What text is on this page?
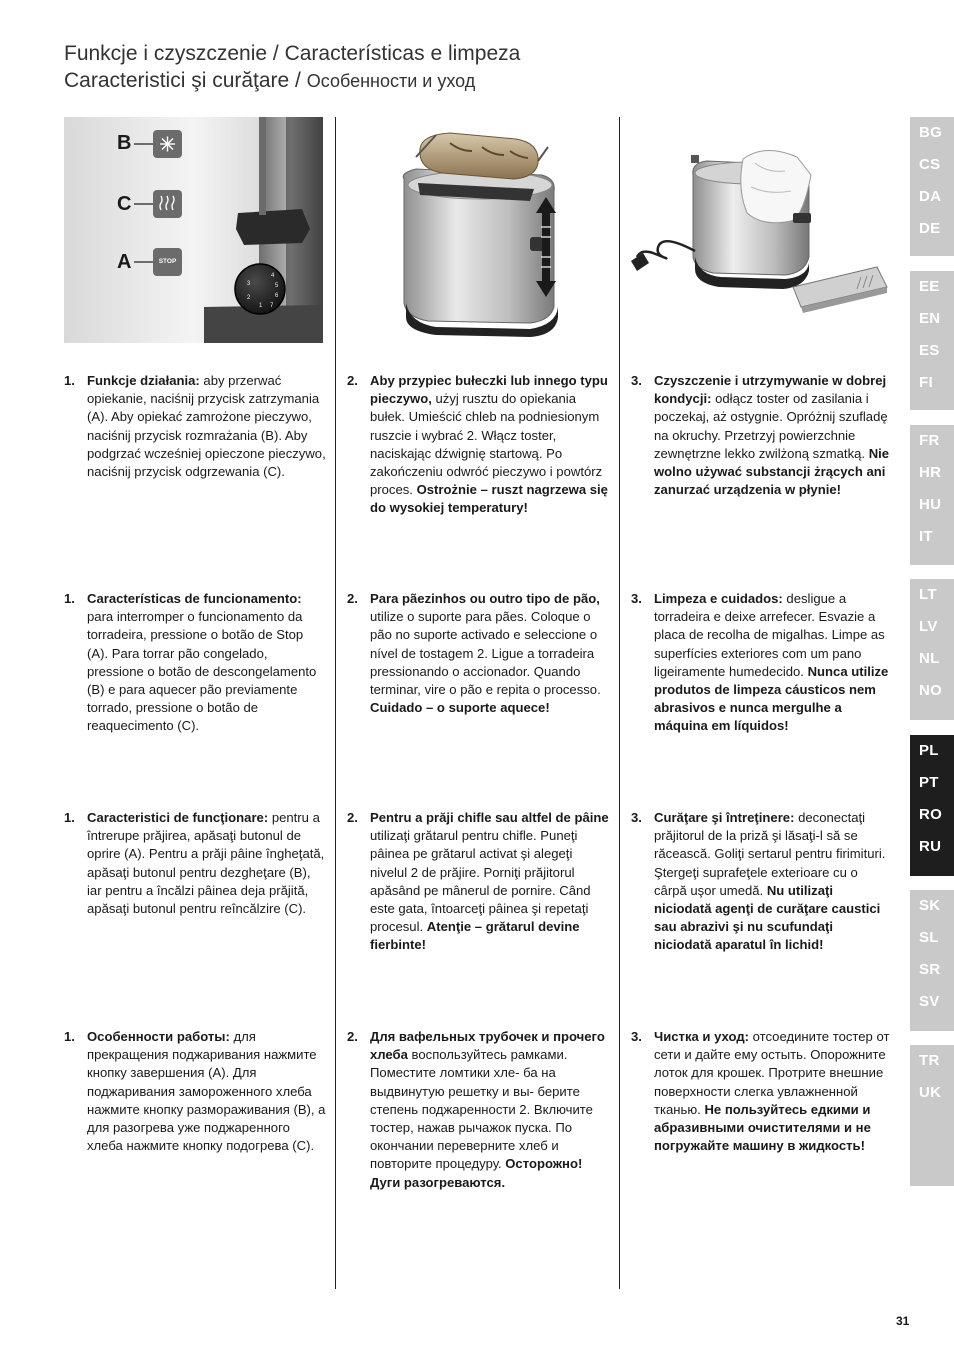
Funkcje i czyszczenie / Características e limpeza
Caracteristici şi curăţare / Особенности и уход
B
C
A	STOP
1
2
3
4
5
6
7
1. Funkcje działania: aby przerwać opiekanie, naciśnij przycisk zatrzymania (A). Aby opiekać zamrożone pieczywo, naciśnij przycisk rozmrażania (B). Aby podgrzać wcześniej opieczone pieczywo, naciśnij przycisk odgrzewania (C).
2. Aby przypiec bułeczki lub innego typu pieczywo, użyj rusztu do opiekania bułek. Umieścić chleb na podniesionym ruszcie i wybrać 2. Włącz toster, naciskając dźwignię startową. Po zakończeniu odwróć pieczywo i powtórz proces. Ostrożnie – ruszt nagrzewa się do wysokiej temperatury!
3. Czyszczenie i utrzymywanie w dobrej kondycji: odłącz toster od zasilania i poczekaj, aż ostygnie. Opróżnij szufladę na okruchy. Przetrzyj powierzchnie zewnętrzne lekko zwilżoną szmatką. Nie wolno używać substancji żrących ani zanurzać urządzenia w płynie!
1. Características de funcionamento: para interromper o funcionamento da torradeira, pressione o botão de Stop (A). Para torrar pão congelado, pressione o botão de descongelamento (B) e para aquecer pão previamente torrado, pressione o botão de reaquecimento (C).
2. Para pãezinhos ou outro tipo de pão, utilize o suporte para pães. Coloque o pão no suporte activado e seleccione o nível de tostagem 2. Ligue a torradeira pressionando o accionador. Quando terminar, vire o pão e repita o processo. Cuidado – o suporte aquece!
3. Limpeza e cuidados: desligue a torradeira e deixe arrefecer. Esvazie a placa de recolha de migalhas. Limpe as superfícies exteriores com um pano ligeiramente humedecido. Nunca utilize produtos de limpeza cáusticos nem abrasivos e nunca mergulhe a máquina em líquidos!
1. Caracteristici de funcţionare: pentru a întrerupe prăjirea, apăsaţi butonul de oprire (A). Pentru a prăji pâine îngheţată, apăsaţi butonul pentru dezgheţare (B), iar pentru a încălzi pâinea deja prăjită, apăsaţi butonul pentru reîncălzire (C).
2. Pentru a prăji chifle sau altfel de pâine utilizaţi grătarul pentru chifle. Puneţi pâinea pe grătarul activat şi alegeţi nivelul 2 de prăjire. Porniţi prăjitorul apăsând pe mânerul de pornire. Când este gata, întoarceţi pâinea şi repetaţi procesul. Atenţie – grătarul devine fierbinte!
3. Curăţare şi întreţinere: deconectaţi prăjitorul de la priză şi lăsaţi-l să se răcească. Goliţi sertarul pentru firimituri. Ştergeţi suprafeţele exterioare cu o cârpă uşor umedă. Nu utilizaţi niciodată agenţi de curăţare caustici sau abrazivi şi nu scufundaţi niciodată aparatul în lichid!
1. Особенности работы: для прекращения поджаривания нажмите кнопку завершения (A). Для поджаривания замороженного хлеба нажмите кнопку размораживания (B), а для разогрева уже поджаренного хлеба нажмите кнопку подогрева (C).
2. Для вафельных трубочек и прочего хлеба воспользуйтесь рамками. Поместите ломтики хле- ба на выдвинутую решетку и вы- берите степень поджаренности 2. Включите тостер, нажав рычажок пуска. По окончании переверните хлеб и повторите процедуру. Осторожно! Дуги разогреваются.
3. Чистка и уход: отсоедините тостер от сети и дайте ему остыть. Опорожните лоток для крошек. Протрите внешние поверхности слегка увлажненной тканью. Не пользуйтесь едкими и абразивными очистителями и не погружайте машину в жидкость!
BG
CS
DA
DE
EE
EN
ES
FI
FR
HR
HU
IT
LT
LV
NL
NO
PL
PT
RO
RU
SK
SL
SR
SV
TR
UK
31
